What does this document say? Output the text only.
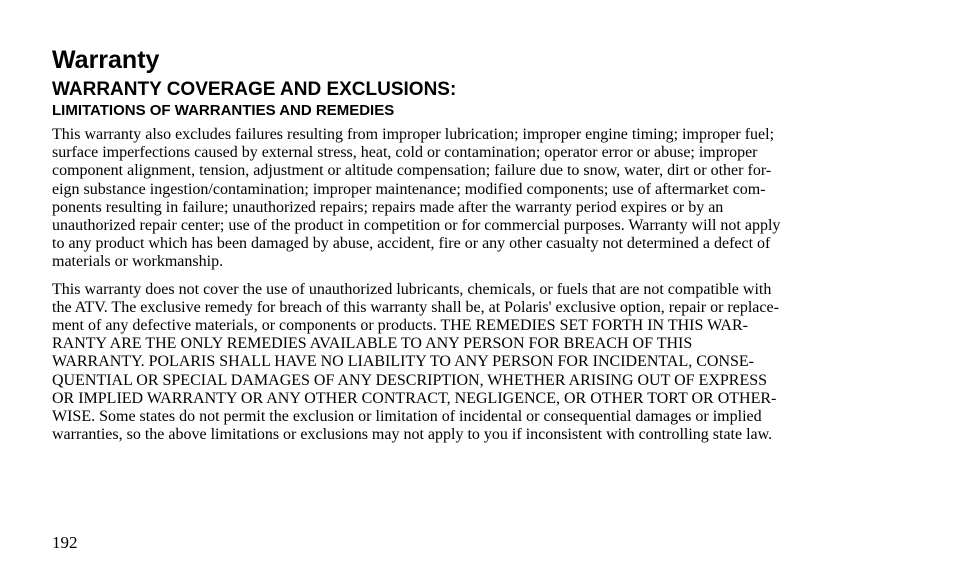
Warranty
WARRANTY COVERAGE AND EXCLUSIONS:
LIMITATIONS OF WARRANTIES AND REMEDIES

This warranty also excludes failures resulting from improper lubrication; improper engine timing; improper fuel;
surface imperfections caused by external stress, heat, cold or contamination; operator error or abuse; improper
component alignment, tension, adjustment or altitude compensation; failure due to snow, water, dirt or other for-
eign substance ingestion/contamination; improper maintenance; modified components; use of aftermarket com-
ponents resulting in failure; unauthorized repairs; repairs made after the warranty period expires or by an
unauthorized repair center; use of the product in competition or for commercial purposes. Warranty will not apply
to any product which has been damaged by abuse, accident, fire or any other casualty not determined a defect of
materials or workmanship.

This warranty does not cover the use of unauthorized lubricants, chemicals, or fuels that are not compatible with
the ATV. The exclusive remedy for breach of this warranty shall be, at Polaris' exclusive option, repair or replace-
ment of any defective materials, or components or products. THE REMEDIES SET FORTH IN THIS WAR-
RANTY ARE THE ONLY REMEDIES AVAILABLE TO ANY PERSON FOR BREACH OF THIS
WARRANTY. POLARIS SHALL HAVE NO LIABILITY TO ANY PERSON FOR INCIDENTAL, CONSE-
QUENTIAL OR SPECIAL DAMAGES OF ANY DESCRIPTION, WHETHER ARISING OUT OF EXPRESS
OR IMPLIED WARRANTY OR ANY OTHER CONTRACT, NEGLIGENCE, OR OTHER TORT OR OTHER-
WISE. Some states do not permit the exclusion or limitation of incidental or consequential damages or implied
warranties, so the above limitations or exclusions may not apply to you if inconsistent with controlling state law.

192
